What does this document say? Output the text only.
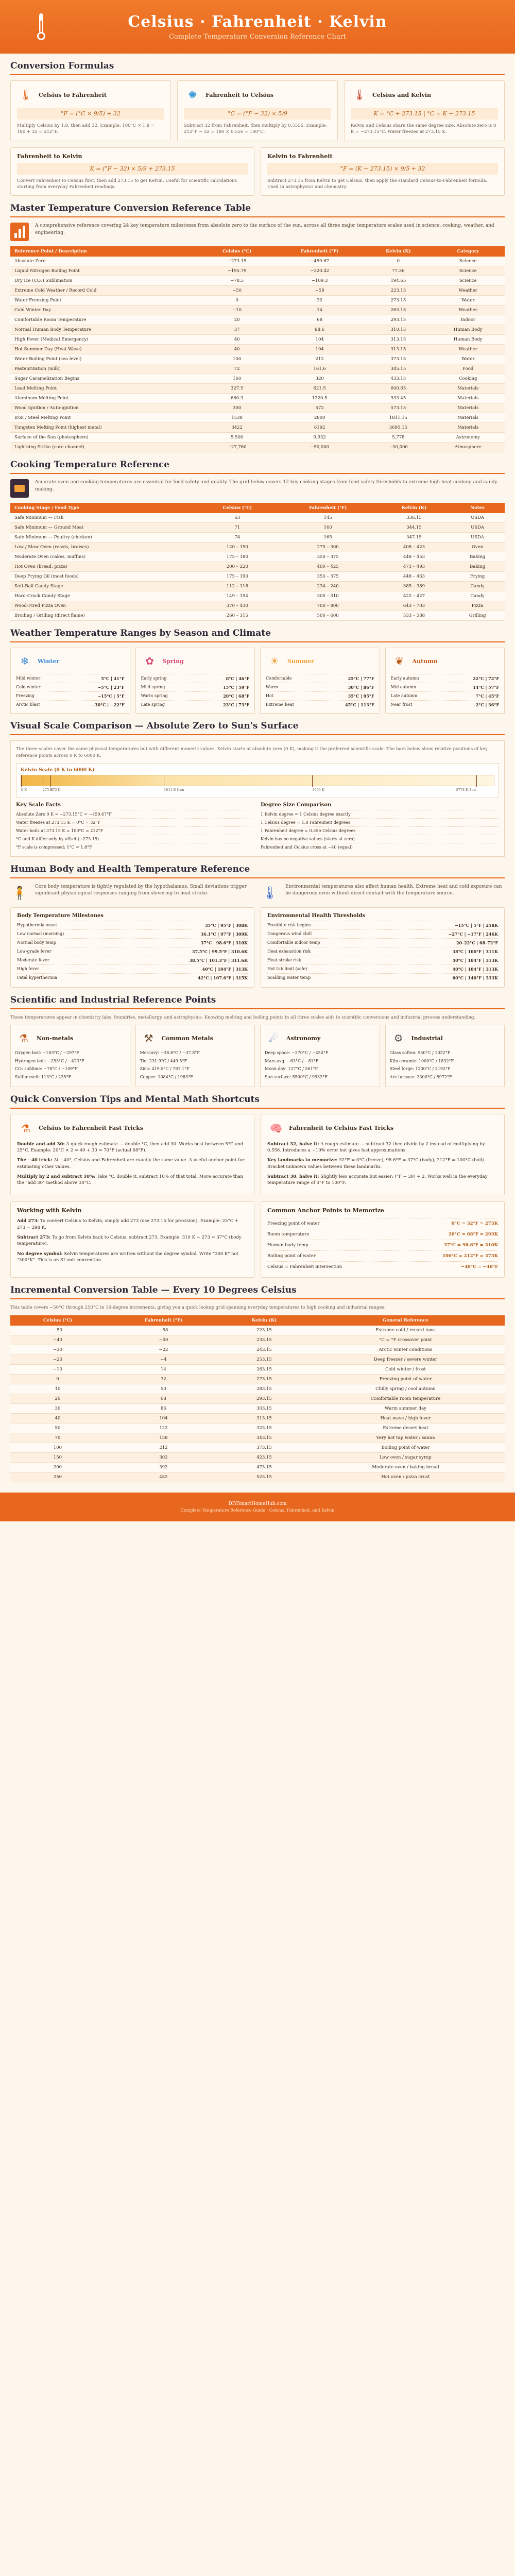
Celsius · Fahrenheit · Kelvin
Complete Temperature Conversion Reference Chart
Conversion Formulas
🌡	Celsius to Fahrenheit
°F = (°C × 9/5) + 32
Multiply Celsius by 1.8, then add 32. Example: 100°C × 1.8 = 180 + 32 = 212°F.
✺	Fahrenheit to Celsius
°C = (°F − 32) × 5/9
Subtract 32 from Fahrenheit, then multiply by 0.5556. Example: 212°F − 32 = 180 × 0.556 = 100°C.
🌡	Celsius and Kelvin
K = °C + 273.15 | °C = K − 273.15
Kelvin and Celsius share the same degree size. Absolute zero is 0 K = −273.15°C. Water freezes at 273.15 K.
Fahrenheit to Kelvin
K = (°F − 32) × 5/9 + 273.15
Convert Fahrenheit to Celsius first, then add 273.15 to get Kelvin. Useful for scientific calculations starting from everyday Fahrenheit readings.
Kelvin to Fahrenheit
°F = (K − 273.15) × 9/5 + 32
Subtract 273.15 from Kelvin to get Celsius, then apply the standard Celsius-to-Fahrenheit formula. Used in astrophysics and chemistry.
Master Temperature Conversion Reference Table

A comprehensive reference covering 24 key temperature milestones from absolute zero to the surface of the sun, across all three major temperature scales used in science, cooking, weather, and engineering.

Reference Point / Description	Celsius (°C)	Fahrenheit (°F)	Kelvin (K)	Category
Absolute Zero	−273.15	−459.67	0	Science
Liquid Nitrogen Boiling Point	−195.79	−320.42	77.36	Science
Dry Ice (CO₂) Sublimation	−78.5	−109.3	194.65	Science
Extreme Cold Weather / Record Cold	−50	−58	223.15	Weather
Water Freezing Point	0	32	273.15	Water
Cold Winter Day	−10	14	263.15	Weather
Comfortable Room Temperature	20	68	293.15	Indoor
Normal Human Body Temperature	37	98.6	310.15	Human Body
High Fever (Medical Emergency)	40	104	313.15	Human Body
Hot Summer Day (Heat Wave)	40	104	313.15	Weather
Water Boiling Point (sea level)	100	212	373.15	Water
Pasteurization (milk)	72	161.6	345.15	Food
Sugar Caramelization Begins	160	320	433.15	Cooking
Lead Melting Point	327.5	621.5	600.65	Materials
Aluminum Melting Point	660.3	1220.5	933.45	Materials
Wood Ignition / Auto-ignition	300	572	573.15	Materials
Iron / Steel Melting Point	1538	2800	1811.15	Materials
Tungsten Melting Point (highest metal)	3422	6192	3695.15	Materials
Surface of the Sun (photosphere)	5,500	9,932	5,778	Astronomy
Lightning Strike (core channel)	~27,760	~50,000	~30,000	Atmosphere
Cooking Temperature Reference

Accurate oven and cooking temperatures are essential for food safety and quality. The grid below covers 12 key cooking stages from food safety thresholds to extreme high-heat cooking and candy making.

Cooking Stage / Food Type	Celsius (°C)	Fahrenheit (°F)	Kelvin (K)	Notes
Safe Minimum — Fish	63	145	336.15	USDA
Safe Minimum — Ground Meat	71	160	344.15	USDA
Safe Minimum — Poultry (chicken)	74	165	347.15	USDA
Low / Slow Oven (roasts, braises)	120 – 150	275 – 300	408 – 423	Oven
Moderate Oven (cakes, muffins)	175 – 180	350 – 375	448 – 453	Baking
Hot Oven (bread, pizza)	200 – 220	400 – 425	473 – 493	Baking
Deep Frying Oil (most foods)	175 – 190	350 – 375	448 – 463	Frying
Soft-Ball Candy Stage	112 – 116	234 – 240	385 – 389	Candy
Hard-Crack Candy Stage	149 – 154	300 – 310	422 – 427	Candy
Wood-Fired Pizza Oven	370 – 430	700 – 800	643 – 703	Pizza
Broiling / Grilling (direct flame)	260 – 315	500 – 600	533 – 588	Grilling
Weather Temperature Ranges by Season and Climate
❄	Winter
Mild winter	5°C | 41°F
Cold winter	−5°C | 23°F
Freezing	−15°C | 5°F
Arctic blast	−30°C | −22°F
✿	Spring
Early spring	8°C | 46°F
Mild spring	15°C | 59°F
Warm spring	20°C | 68°F
Late spring	23°C | 73°F
☀	Summer
Comfortable	25°C | 77°F
Warm	30°C | 86°F
Hot	35°C | 95°F
Extreme heat	45°C | 113°F
❦	Autumn
Early autumn	22°C | 72°F
Mid autumn	14°C | 57°F
Late autumn	7°C | 45°F
Near frost	2°C | 36°F
Visual Scale Comparison — Absolute Zero to Sun's Surface

The three scales cover the same physical temperatures but with different numeric values. Kelvin starts at absolute zero (0 K), making it the preferred scientific scale. The bars below show relative positions of key reference points across 0 K to 6000 K.

Kelvin Scale (0 K to 6000 K)
0 K	273 K
373 K	1811 K Iron	3695 K	5778 K Sun
Key Scale Facts
Absolute Zero 0 K = −273.15°C = −459.67°F
Water freezes at 273.15 K = 0°C = 32°F
Water boils at 373.15 K = 100°C = 212°F
°C and K differ only by offset (+273.15)
°F scale is compressed: 1°C = 1.8°F
Degree Size Comparison
1 Kelvin degree = 1 Celsius degree exactly
1 Celsius degree = 1.8 Fahrenheit degrees
1 Fahrenheit degree = 0.556 Celsius degrees
Kelvin has no negative values (starts at zero)
Fahrenheit and Celsius cross at −40 (equal)
Human Body and Health Temperature Reference
🧍	Core body temperature is tightly regulated by the hypothalamus. Small deviations trigger significant physiological responses ranging from shivering to heat stroke.

Body Temperature Milestones
Hypothermia onset	35°C | 95°F | 308K
Low normal (morning)	36.1°C | 97°F | 309K
Normal body temp	37°C | 98.6°F | 310K
Low-grade fever	37.5°C | 99.5°F | 310.6K
Moderate fever	38.5°C | 101.3°F | 311.6K
High fever	40°C | 104°F | 313K
Fatal hyperthermia	42°C | 107.6°F | 315K
🌡	Environmental temperatures also affect human health. Extreme heat and cold exposure can be dangerous even without direct contact with the temperature source.

Environmental Health Thresholds
Frostbite risk begins	−15°C | 5°F | 258K
Dangerous wind chill	−27°C | −17°F | 246K
Comfortable indoor temp	20–22°C | 68–72°F
Heat exhaustion risk	38°C | 100°F | 311K
Heat stroke risk	40°C | 104°F | 313K
Hot tub limit (safe)	40°C | 104°F | 313K
Scalding water temp	60°C | 140°F | 333K
Scientific and Industrial Reference Points

These temperatures appear in chemistry labs, foundries, metallurgy, and astrophysics. Knowing melting and boiling points in all three scales aids in scientific conversions and industrial process understanding.

⚗	Non-metals
Oxygen boil: −183°C / −297°F
Hydrogen boil: −253°C / −423°F
CO₂ sublime: −78°C / −109°F
Sulfur melt: 113°C / 235°F
⚒	Common Metals
Mercury: −38.8°C / −37.8°F
Tin: 231.9°C / 449.5°F
Zinc: 419.5°C / 787.1°F
Copper: 1084°C / 1983°F
☄	Astronomy
Deep space: −270°C / −454°F
Mars avg: −63°C / −81°F
Moon day: 127°C / 261°F
Sun surface: 5500°C / 9932°F
⚙	Industrial
Glass soften: 550°C / 1022°F
Kiln ceramic: 1000°C / 1832°F
Steel forge: 1200°C / 2192°F
Arc furnace: 3300°C / 5972°F
Quick Conversion Tips and Mental Math Shortcuts
⚗	Celsius to Fahrenheit Fast Tricks
Double and add 30: A quick rough estimate — double °C, then add 30. Works best between 5°C and 25°C. Example: 20°C × 2 = 40 + 30 = 70°F (actual 68°F).
The −40 trick: At −40°, Celsius and Fahrenheit are exactly the same value. A useful anchor point for estimating other values.
Multiply by 2 and subtract 10%: Take °C, double it, subtract 10% of that total. More accurate than the "add 30" method above 30°C.
🧠	Fahrenheit to Celsius Fast Tricks
Subtract 32, halve it: A rough estimate — subtract 32 then divide by 2 instead of multiplying by 0.556. Introduces a ~10% error but gives fast approximations.
Key landmarks to memorize: 32°F = 0°C (freeze), 98.6°F = 37°C (body), 212°F = 100°C (boil). Bracket unknown values between these landmarks.
Subtract 30, halve it: Slightly less accurate but easier: (°F − 30) ÷ 2. Works well in the everyday temperature range of 0°F to 100°F.
Working with Kelvin
Add 273: To convert Celsius to Kelvin, simply add 273 (use 273.15 for precision). Example: 25°C + 273 = 298 K.
Subtract 273: To go from Kelvin back to Celsius, subtract 273. Example: 310 K − 273 = 37°C (body temperature).
No degree symbol: Kelvin temperatures are written without the degree symbol. Write "300 K" not "300°K". This is an SI unit convention.
Common Anchor Points to Memorize
Freezing point of water	0°C = 32°F = 273K
Room temperature	20°C = 68°F = 293K
Human body temp	37°C = 98.6°F = 310K
Boiling point of water	100°C = 212°F = 373K
Celsius = Fahrenheit intersection	−40°C = −40°F
Incremental Conversion Table — Every 10 Degrees Celsius

This table covers −50°C through 250°C in 10-degree increments, giving you a quick lookup grid spanning everyday temperatures to high cooking and industrial ranges.

Celsius (°C)	Fahrenheit (°F)	Kelvin (K)	General Reference
−50	−58	223.15	Extreme cold / record lows
−40	−40	233.15	°C = °F crossover point
−30	−22	243.15	Arctic winter conditions
−20	−4	253.15	Deep freezer / severe winter
−10	14	263.15	Cold winter / frost
0	32	273.15	Freezing point of water
10	50	283.15	Chilly spring / cool autumn
20	68	293.15	Comfortable room temperature
30	86	303.15	Warm summer day
40	104	313.15	Heat wave / high fever
50	122	323.15	Extreme desert heat
70	158	343.15	Very hot tap water / sauna
100	212	373.15	Boiling point of water
150	302	423.15	Low oven / sugar syrup
200	392	473.15	Moderate oven / baking bread
250	482	523.15	Hot oven / pizza crust
DIYSmartHomeHub.com
Complete Temperature Reference Guide · Celsius, Fahrenheit, and Kelvin
